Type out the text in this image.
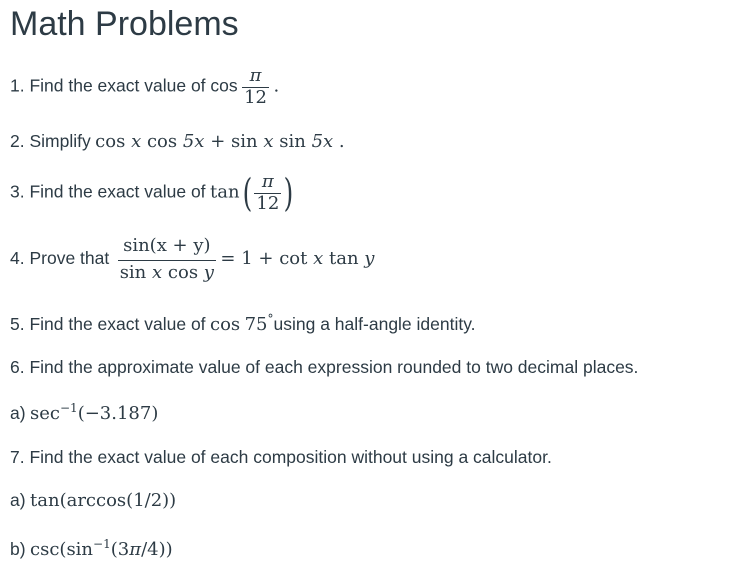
Math Problems
1. Find the exact value of $\cos \frac{\pi}{12}$ .
2. Simplify cos x cos 5x + sin x sin 5x .
3. Find the exact value of $\tan( \frac{\pi}{12}$ )
4. Prove that $\frac{\sin(x + y)}{\text{sin x cos y}} = 1 + \cot x$ tan y
5. Find the exact value of cos 75°using a half-angle identity.
6. Find the approximate value of each expression rounded to two decimal places.
a) $\sec^{-1}(-3.187)$
7. Find the exact value of each composition without using a calculator.
a) tan(arccos(1/2))
b) $\csc(\sin^{-1}(3\pi/4))$
